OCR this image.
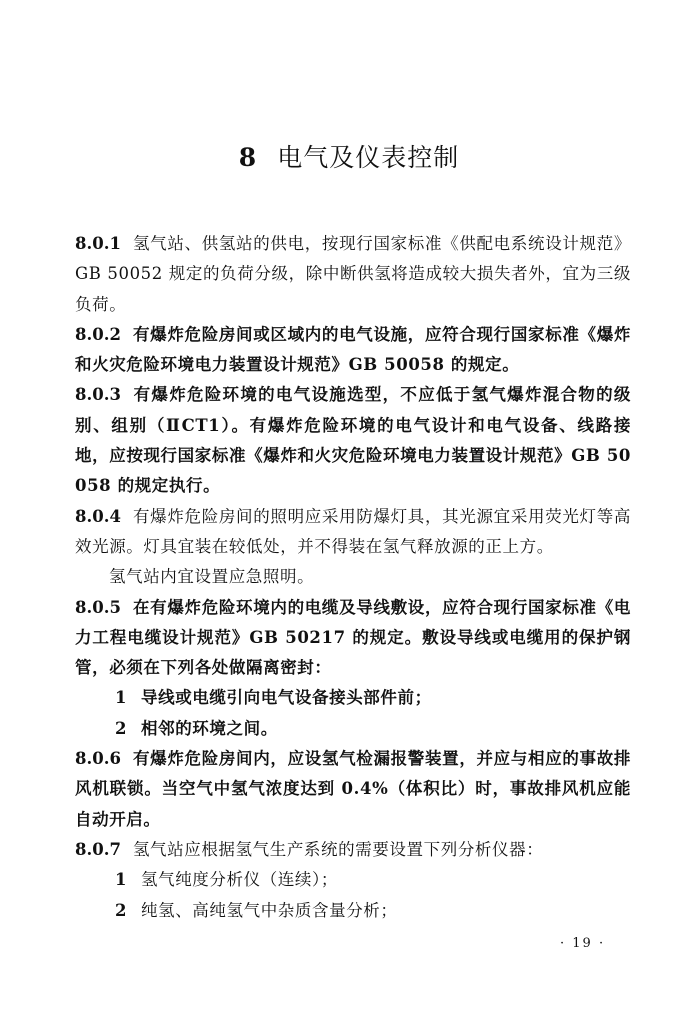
8 电气及仪表控制

8.0.1 氢气站、供氢站的供电，按现行国家标准《供配电系统设计规范》GB 50052 规定的负荷分级，除中断供氢将造成较大损失者外，宜为三级负荷。

8.0.2 有爆炸危险房间或区域内的电气设施，应符合现行国家标准《爆炸和火灾危险环境电力装置设计规范》GB 50058 的规定。

8.0.3 有爆炸危险环境的电气设施选型，不应低于氢气爆炸混合物的级别、组别（ⅡCT1）。有爆炸危险环境的电气设计和电气设备、线路接地，应按现行国家标准《爆炸和火灾危险环境电力装置设计规范》GB 50058 的规定执行。

8.0.4 有爆炸危险房间的照明应采用防爆灯具，其光源宜采用荧光灯等高效光源。灯具宜装在较低处，并不得装在氢气释放源的正上方。

氢气站内宜设置应急照明。

8.0.5 在有爆炸危险环境内的电缆及导线敷设，应符合现行国家标准《电力工程电缆设计规范》GB 50217 的规定。敷设导线或电缆用的保护钢管，必须在下列各处做隔离密封：

1 导线或电缆引向电气设备接头部件前；

2 相邻的环境之间。

8.0.6 有爆炸危险房间内，应设氢气检漏报警装置，并应与相应的事故排风机联锁。当空气中氢气浓度达到 0.4%（体积比）时，事故排风机应能自动开启。

8.0.7 氢气站应根据氢气生产系统的需要设置下列分析仪器：

1 氢气纯度分析仪（连续）；

2 纯氢、高纯氢气中杂质含量分析；

· 19 ·
